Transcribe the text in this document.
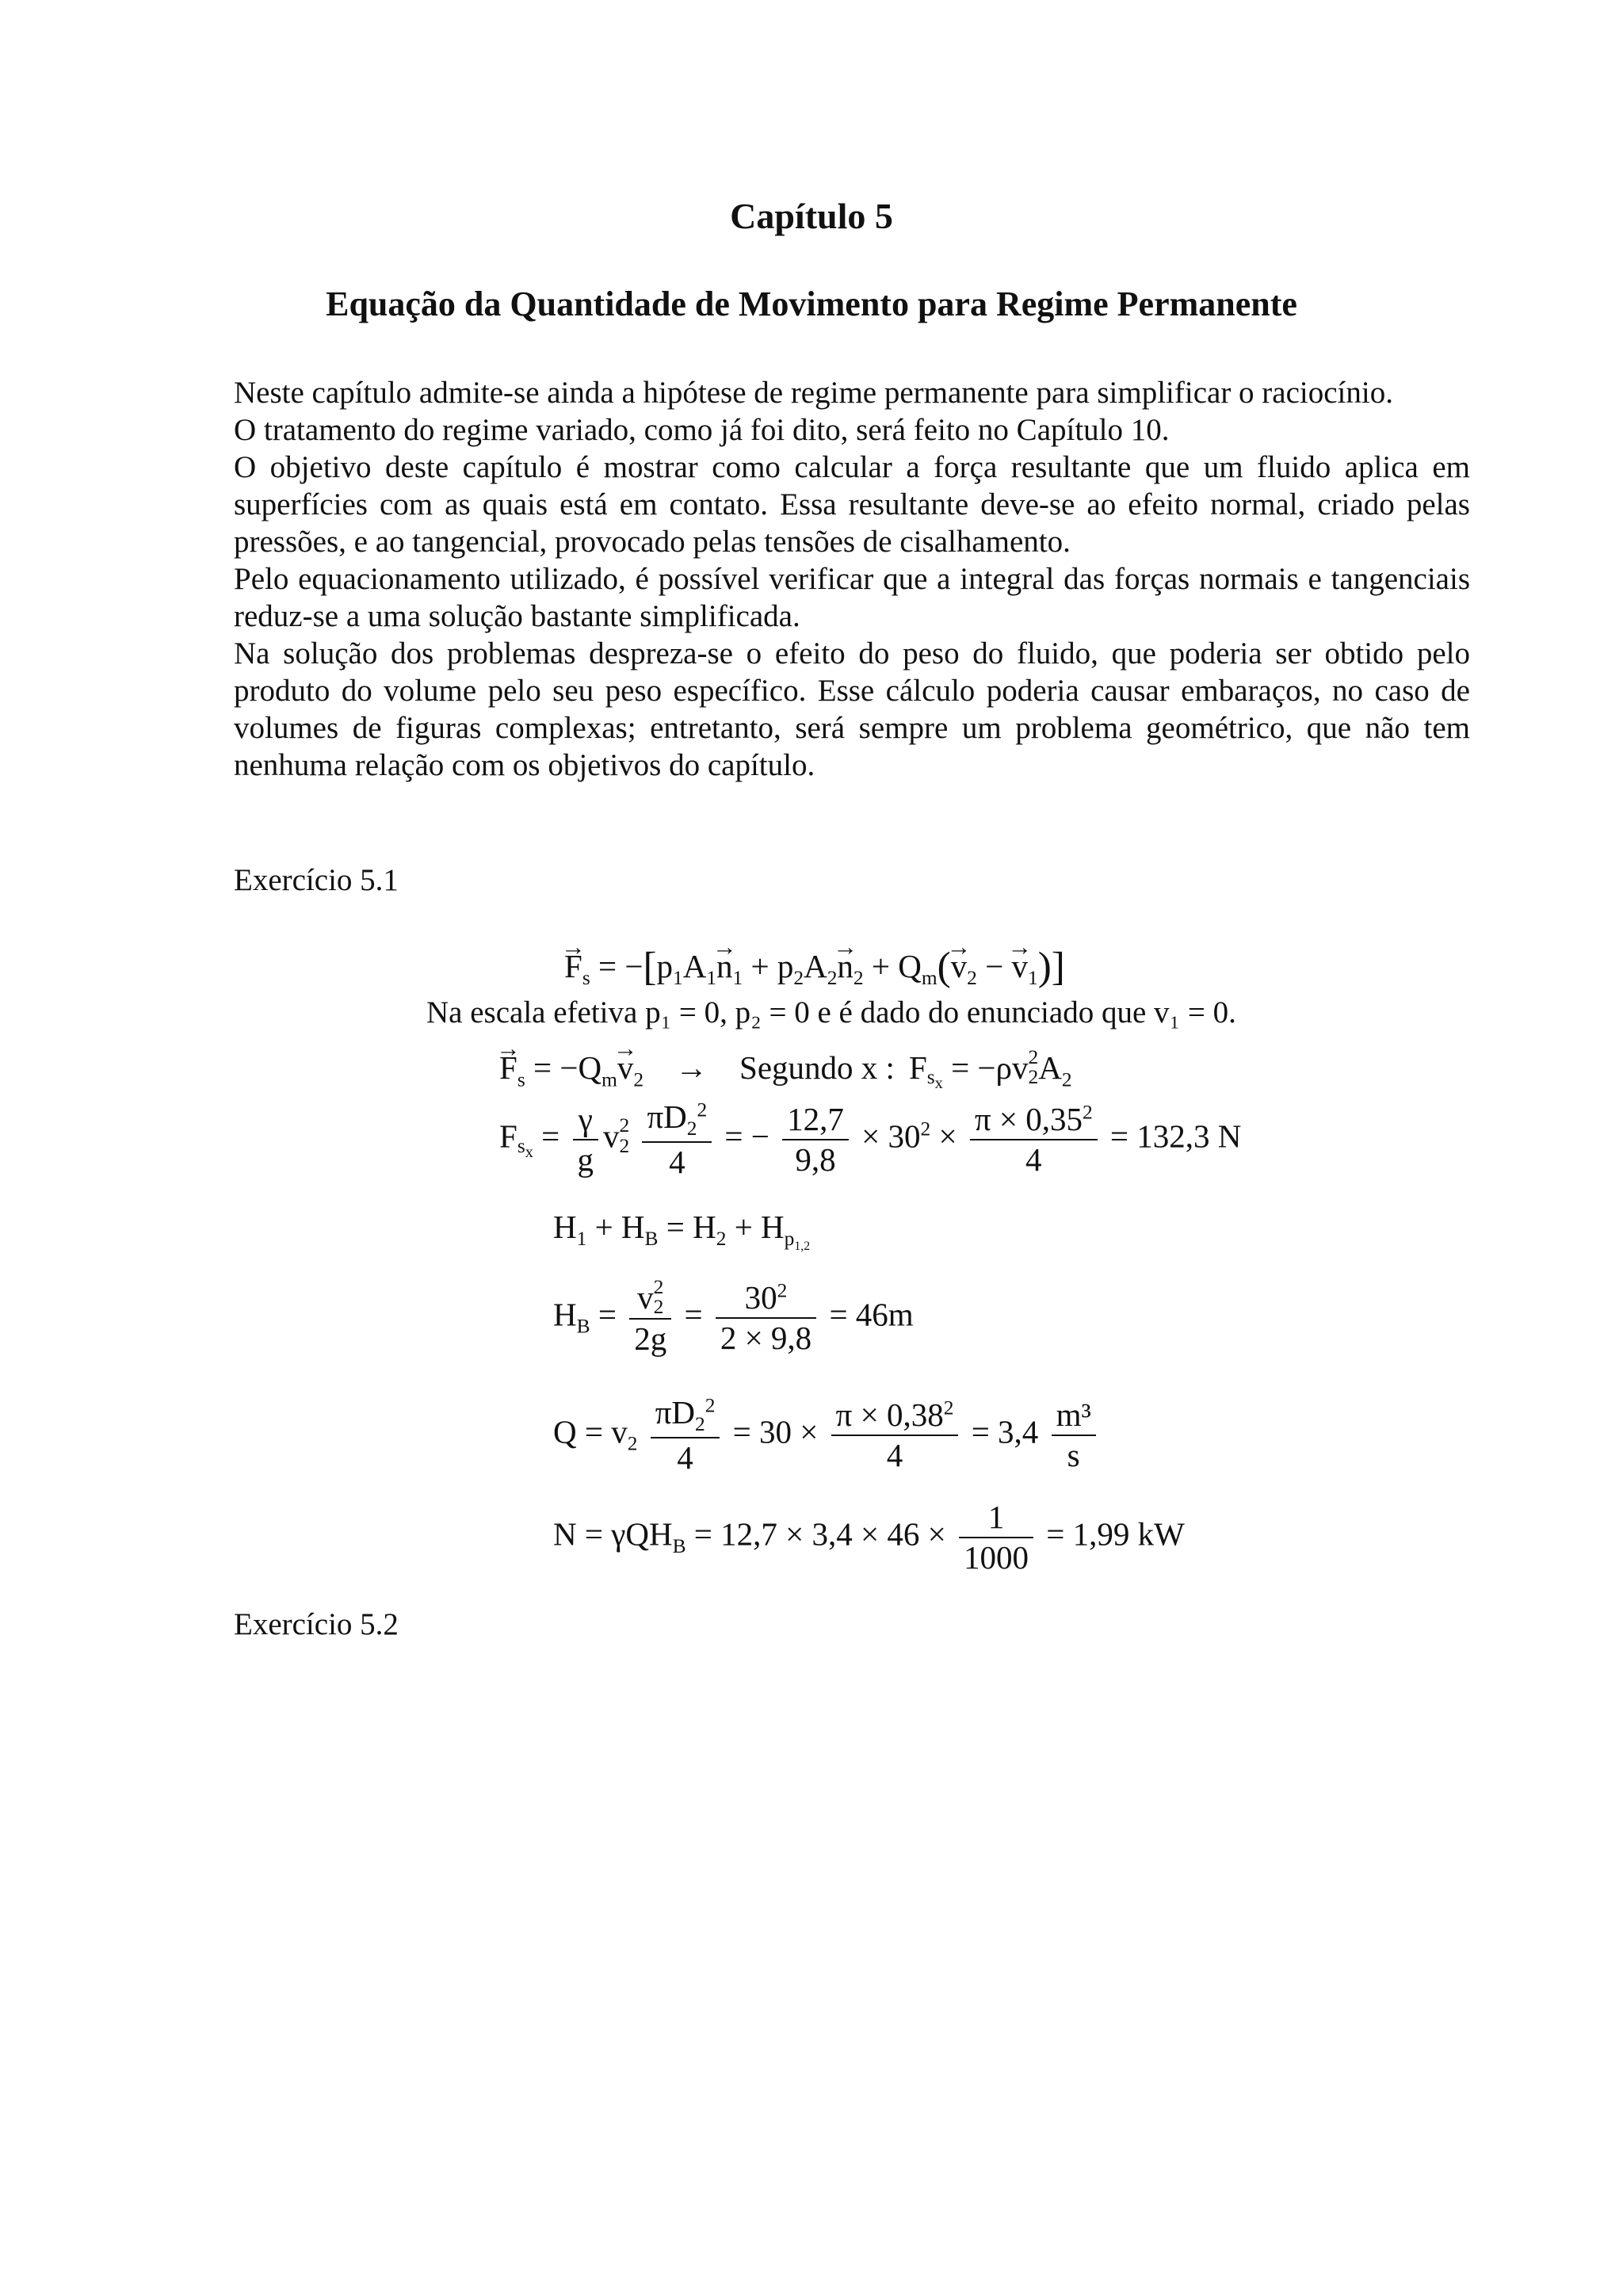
Capítulo 5
Equação da Quantidade de Movimento para Regime Permanente

Neste capítulo admite-se ainda a hipótese de regime permanente para simplificar o raciocínio.

O tratamento do regime variado, como já foi dito, será feito no Capítulo 10.

O objetivo deste capítulo é mostrar como calcular a força resultante que um fluido aplica em superfícies com as quais está em contato. Essa resultante deve-se ao efeito normal, criado pelas pressões, e ao tangencial, provocado pelas tensões de cisalhamento.

Pelo equacionamento utilizado, é possível verificar que a integral das forças normais e tangenciais reduz-se a uma solução bastante simplificada.

Na solução dos problemas despreza-se o efeito do peso do fluido, que poderia ser obtido pelo produto do volume pelo seu peso específico. Esse cálculo poderia causar embaraços, no caso de volumes de figuras complexas; entretanto, será sempre um problema geométrico, que não tem nenhuma relação com os objetivos do capítulo.

Exercício 5.1
→ $F_s = -[p_1A_1\to n_1 + p_2A_2\to n_2 + Q_m(\to v_2$ − → $v_1$)]
Na escala efetiva p₁ = 0, p₂ = 0 e é dado do enunciado que v₁ = 0.
→ $F_s = -Q_m\to v_2$ → Segundo x : $Fs_x = -\rho v2$
$2A_2$
$Fs_x = \frac{\gamma}{g} v2$
$2 \frac{\pi D_2^2}{4}$ = − $\frac{12,7}{9,8} \times 30^2 \times \frac{\pi \times 0,35^2}{4} = 132,3$ N
$H_1 + H_B = H_2 + H_{p_{1,2}}$
$H_B = v2$
2
2g
= $\frac{30^2}{2 \times 9,8} = 46m$
$Q = v_2 \frac{\pi D_2^2}{4} = 30 \times \frac{\pi \times 0,38^2}{4} = 3,4 \frac{\text{m³}}{s}$
$N = \gamma QH_B = 12,7 \times 3,4 \times 46 \times \frac{1}{1000} = 1,99$ kW
Exercício 5.2
